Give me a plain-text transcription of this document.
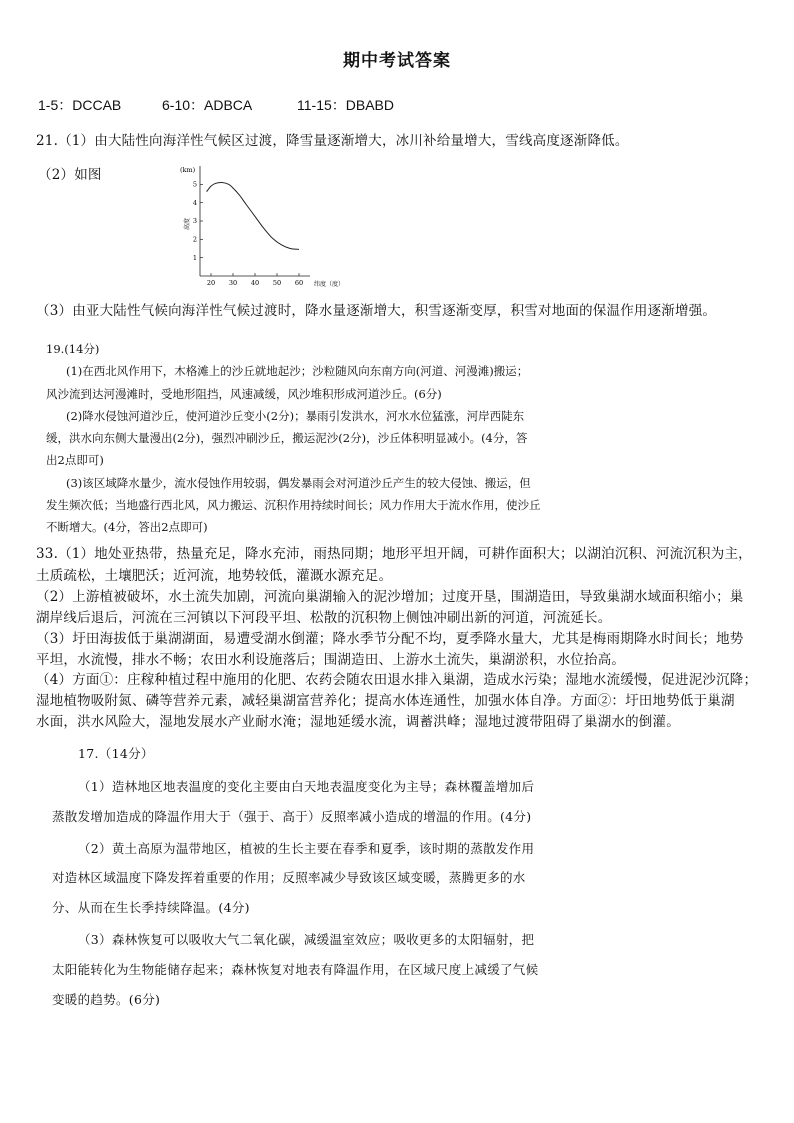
期中考试答案
1-5：DCCAB	6-10：ADBCA	11-15：DBABD
21.（1）由大陆性向海洋性气候区过渡，降雪量逐渐增大，冰川补给量增大，雪线高度逐渐降低。
（2）如图	(km)
高度
1
2
3
4
5
20 30 40 50 60 纬度（度）
（3）由亚大陆性气候向海洋性气候过渡时，降水量逐渐增大，积雪逐渐变厚，积雪对地面的保温作用逐渐增强。
19.(14分)
(1)在西北风作用下，木格滩上的沙丘就地起沙；沙粒随风向东南方向(河道、河漫滩)搬运；
风沙流到达河漫滩时，受地形阻挡，风速减缓，风沙堆积形成河道沙丘。(6分)
(2)降水侵蚀河道沙丘，使河道沙丘变小(2分)；暴雨引发洪水，河水水位猛涨，河岸西陡东
缓，洪水向东侧大量漫出(2分)，强烈冲刷沙丘，搬运泥沙(2分)，沙丘体积明显减小。(4分，答
出2点即可)
(3)该区域降水量少，流水侵蚀作用较弱，偶发暴雨会对河道沙丘产生的较大侵蚀、搬运，但
发生频次低；当地盛行西北风，风力搬运、沉积作用持续时间长；风力作用大于流水作用，使沙丘
不断增大。(4分，答出2点即可)
33.（1）地处亚热带，热量充足，降水充沛，雨热同期；地形平坦开阔，可耕作面积大；以湖泊沉积、河流沉积为主，
土质疏松，土壤肥沃；近河流，地势较低，灌溉水源充足。
（2）上游植被破坏，水土流失加剧，河流向巢湖输入的泥沙增加；过度开垦，围湖造田，导致巢湖水域面积缩小；巢
湖岸线后退后，河流在三河镇以下河段平坦、松散的沉积物上侧蚀冲刷出新的河道，河流延长。
（3）圩田海拔低于巢湖湖面，易遭受湖水倒灌；降水季节分配不均，夏季降水量大，尤其是梅雨期降水时间长；地势
平坦，水流慢，排水不畅；农田水利设施落后；围湖造田、上游水土流失，巢湖淤积，水位抬高。
（4）方面①：庄稼种植过程中施用的化肥、农药会随农田退水排入巢湖，造成水污染；湿地水流缓慢，促进泥沙沉降；
湿地植物吸附氮、磷等营养元素，减轻巢湖富营养化；提高水体连通性，加强水体自净。方面②：圩田地势低于巢湖
水面，洪水风险大，湿地发展水产业耐水淹；湿地延缓水流，调蓄洪峰；湿地过渡带阻碍了巢湖水的倒灌。
17.（14分）
（1）造林地区地表温度的变化主要由白天地表温度变化为主导；森林覆盖增加后
蒸散发增加造成的降温作用大于（强于、高于）反照率减小造成的增温的作用。(4分)
（2）黄土高原为温带地区，植被的生长主要在春季和夏季，该时期的蒸散发作用
对造林区域温度下降发挥着重要的作用；反照率减少导致该区域变暖，蒸腾更多的水
分、从而在生长季持续降温。(4分)
（3）森林恢复可以吸收大气二氧化碳，减缓温室效应；吸收更多的太阳辐射，把
太阳能转化为生物能储存起来；森林恢复对地表有降温作用，在区域尺度上减缓了气候
变暖的趋势。(6分)
